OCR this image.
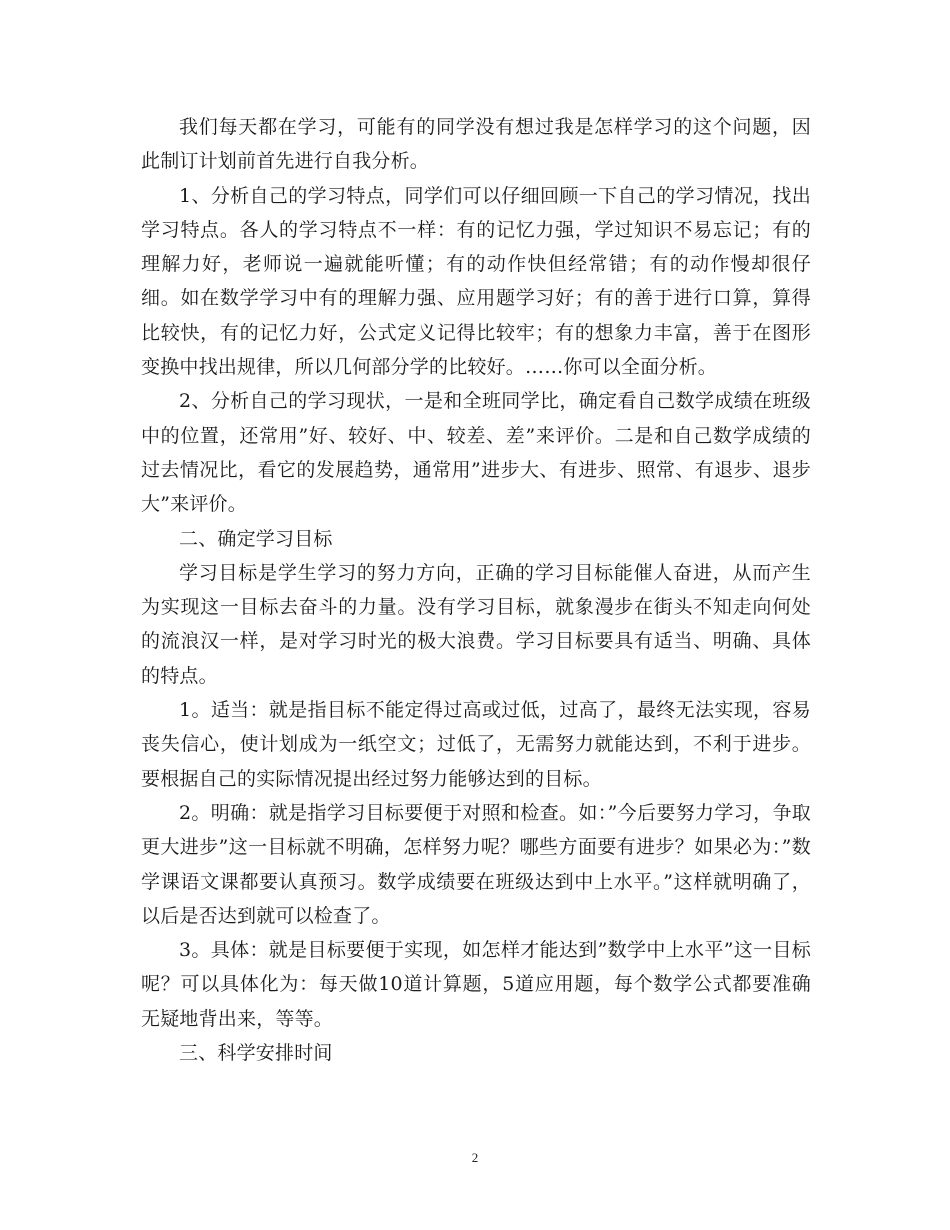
我们每天都在学习，可能有的同学没有想过我是怎样学习的这个问题，因此制订计划前首先进行自我分析。

1、分析自己的学习特点，同学们可以仔细回顾一下自己的学习情况，找出学习特点。各人的学习特点不一样：有的记忆力强，学过知识不易忘记；有的理解力好，老师说一遍就能听懂；有的动作快但经常错；有的动作慢却很仔细。如在数学学习中有的理解力强、应用题学习好；有的善于进行口算，算得比较快，有的记忆力好，公式定义记得比较牢；有的想象力丰富，善于在图形变换中找出规律，所以几何部分学的比较好。……你可以全面分析。

2、分析自己的学习现状，一是和全班同学比，确定看自己数学成绩在班级中的位置，还常用”好、较好、中、较差、差”来评价。二是和自己数学成绩的过去情况比，看它的发展趋势，通常用”进步大、有进步、照常、有退步、退步大”来评价。

二、确定学习目标

学习目标是学生学习的努力方向，正确的学习目标能催人奋进，从而产生为实现这一目标去奋斗的力量。没有学习目标，就象漫步在街头不知走向何处的流浪汉一样，是对学习时光的极大浪费。学习目标要具有适当、明确、具体的特点。

1。适当：就是指目标不能定得过高或过低，过高了，最终无法实现，容易丧失信心，使计划成为一纸空文；过低了，无需努力就能达到，不利于进步。要根据自己的实际情况提出经过努力能够达到的目标。

2。明确：就是指学习目标要便于对照和检查。如：”今后要努力学习，争取更大进步”这一目标就不明确，怎样努力呢？哪些方面要有进步？如果必为：”数学课语文课都要认真预习。数学成绩要在班级达到中上水平。”这样就明确了，以后是否达到就可以检查了。

3。具体：就是目标要便于实现，如怎样才能达到”数学中上水平”这一目标呢？可以具体化为：每天做10道计算题，5道应用题，每个数学公式都要准确无疑地背出来，等等。

三、科学安排时间

2
